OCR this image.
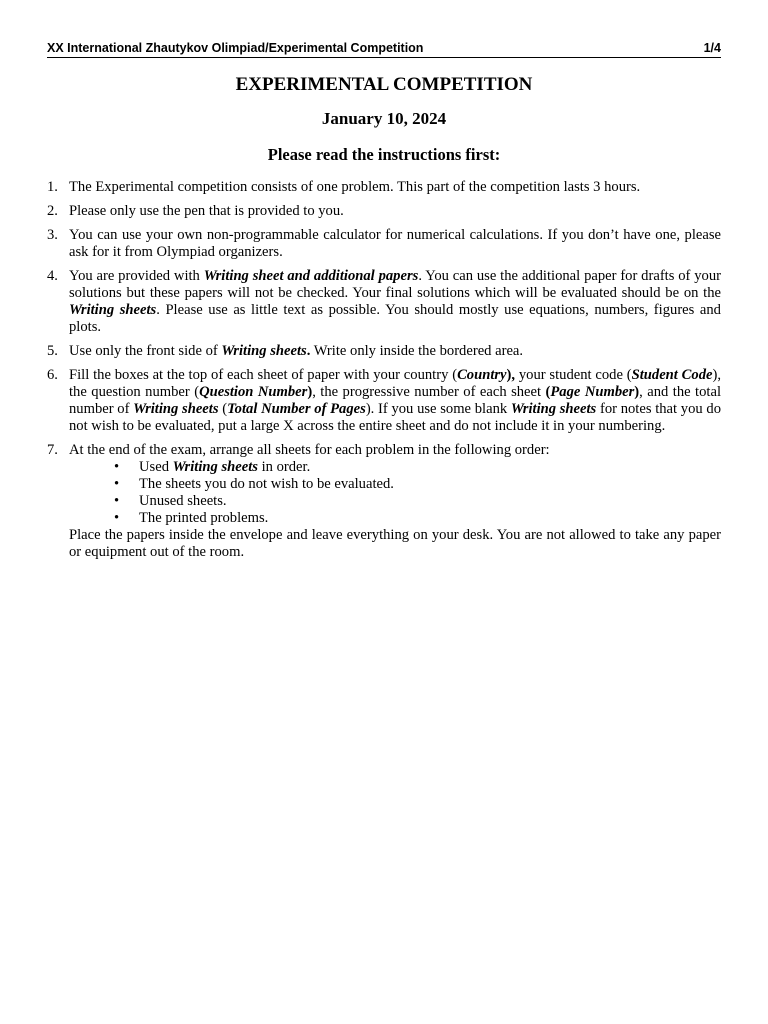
XX International Zhautykov Olimpiad/Experimental Competition	1/4
EXPERIMENTAL COMPETITION
January 10, 2024
Please read the instructions first:
1. The Experimental competition consists of one problem. This part of the competition lasts 3 hours.
2. Please only use the pen that is provided to you.
3. You can use your own non-programmable calculator for numerical calculations. If you don’t have one, please ask for it from Olympiad organizers.
4. You are provided with Writing sheet and additional papers. You can use the additional paper for drafts of your solutions but these papers will not be checked. Your final solutions which will be evaluated should be on the Writing sheets. Please use as little text as possible. You should mostly use equations, numbers, figures and plots.
5. Use only the front side of Writing sheets. Write only inside the bordered area.
6. Fill the boxes at the top of each sheet of paper with your country (Country), your student code (Student Code), the question number (Question Number), the progressive number of each sheet (Page Number), and the total number of Writing sheets (Total Number of Pages). If you use some blank Writing sheets for notes that you do not wish to be evaluated, put a large X across the entire sheet and do not include it in your numbering.
7. At the end of the exam, arrange all sheets for each problem in the following order:
• Used Writing sheets in order.
• The sheets you do not wish to be evaluated.
• Unused sheets.
• The printed problems.
Place the papers inside the envelope and leave everything on your desk. You are not allowed to take any paper or equipment out of the room.
